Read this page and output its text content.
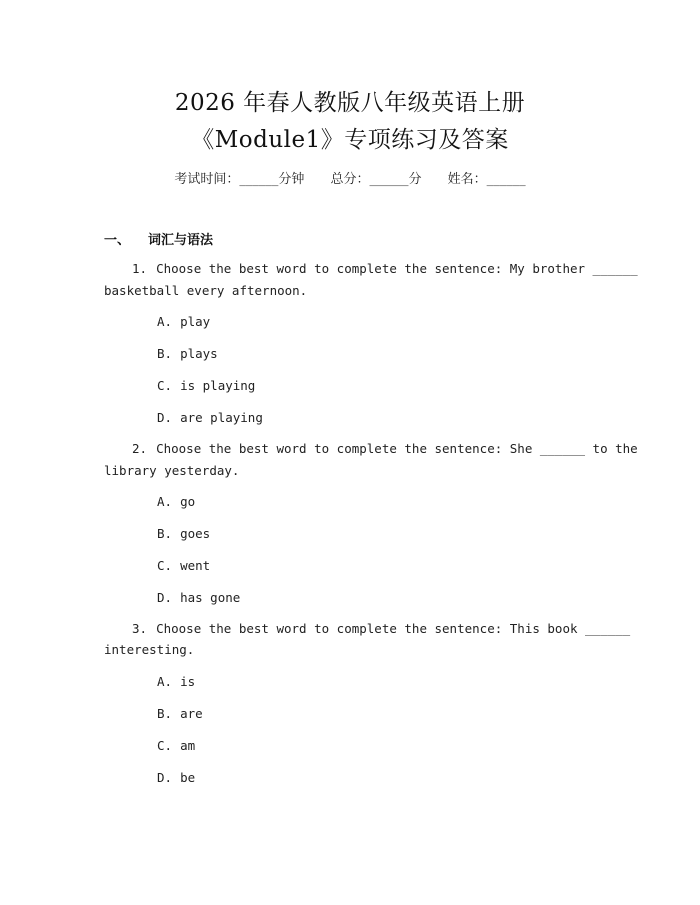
2026 年春人教版八年级英语上册
《Module1》专项练习及答案
考试时间：______分钟 总分：______分 姓名：______
一、 词汇与语法
1. Choose the best word to complete the sentence: My brother ______
basketball every afternoon.
A. play
B. plays
C. is playing
D. are playing
2. Choose the best word to complete the sentence: She ______ to the
library yesterday.
A. go
B. goes
C. went
D. has gone
3. Choose the best word to complete the sentence: This book ______
interesting.
A. is
B. are
C. am
D. be
